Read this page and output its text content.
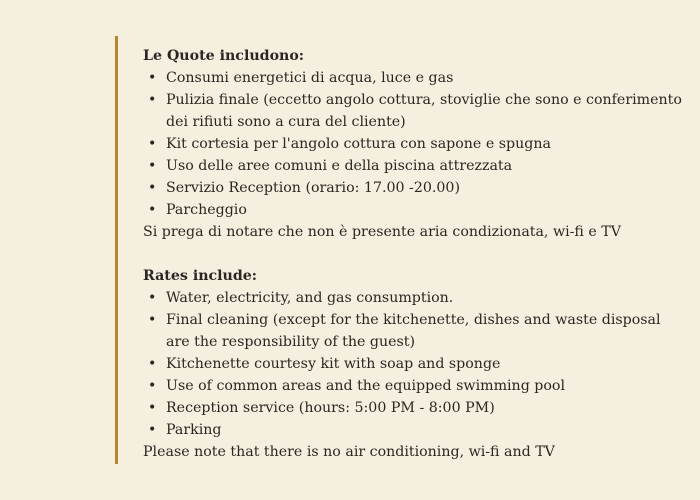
Le Quote includono:

• Consumi energetici di acqua, luce e gas
• Pulizia finale (eccetto angolo cottura, stoviglie che sono e conferimento dei rifiuti sono a cura del cliente)
• Kit cortesia per l'angolo cottura con sapone e spugna
• Uso delle aree comuni e della piscina attrezzata
• Servizio Reception (orario: 17.00 -20.00)
• Parcheggio

Si prega di notare che non è presente aria condizionata, wi-fi e TV

Rates include:

• Water, electricity, and gas consumption.
• Final cleaning (except for the kitchenette, dishes and waste disposal are the responsibility of the guest)
• Kitchenette courtesy kit with soap and sponge
• Use of common areas and the equipped swimming pool
• Reception service (hours: 5:00 PM - 8:00 PM)
• Parking

Please note that there is no air conditioning, wi-fi and TV
